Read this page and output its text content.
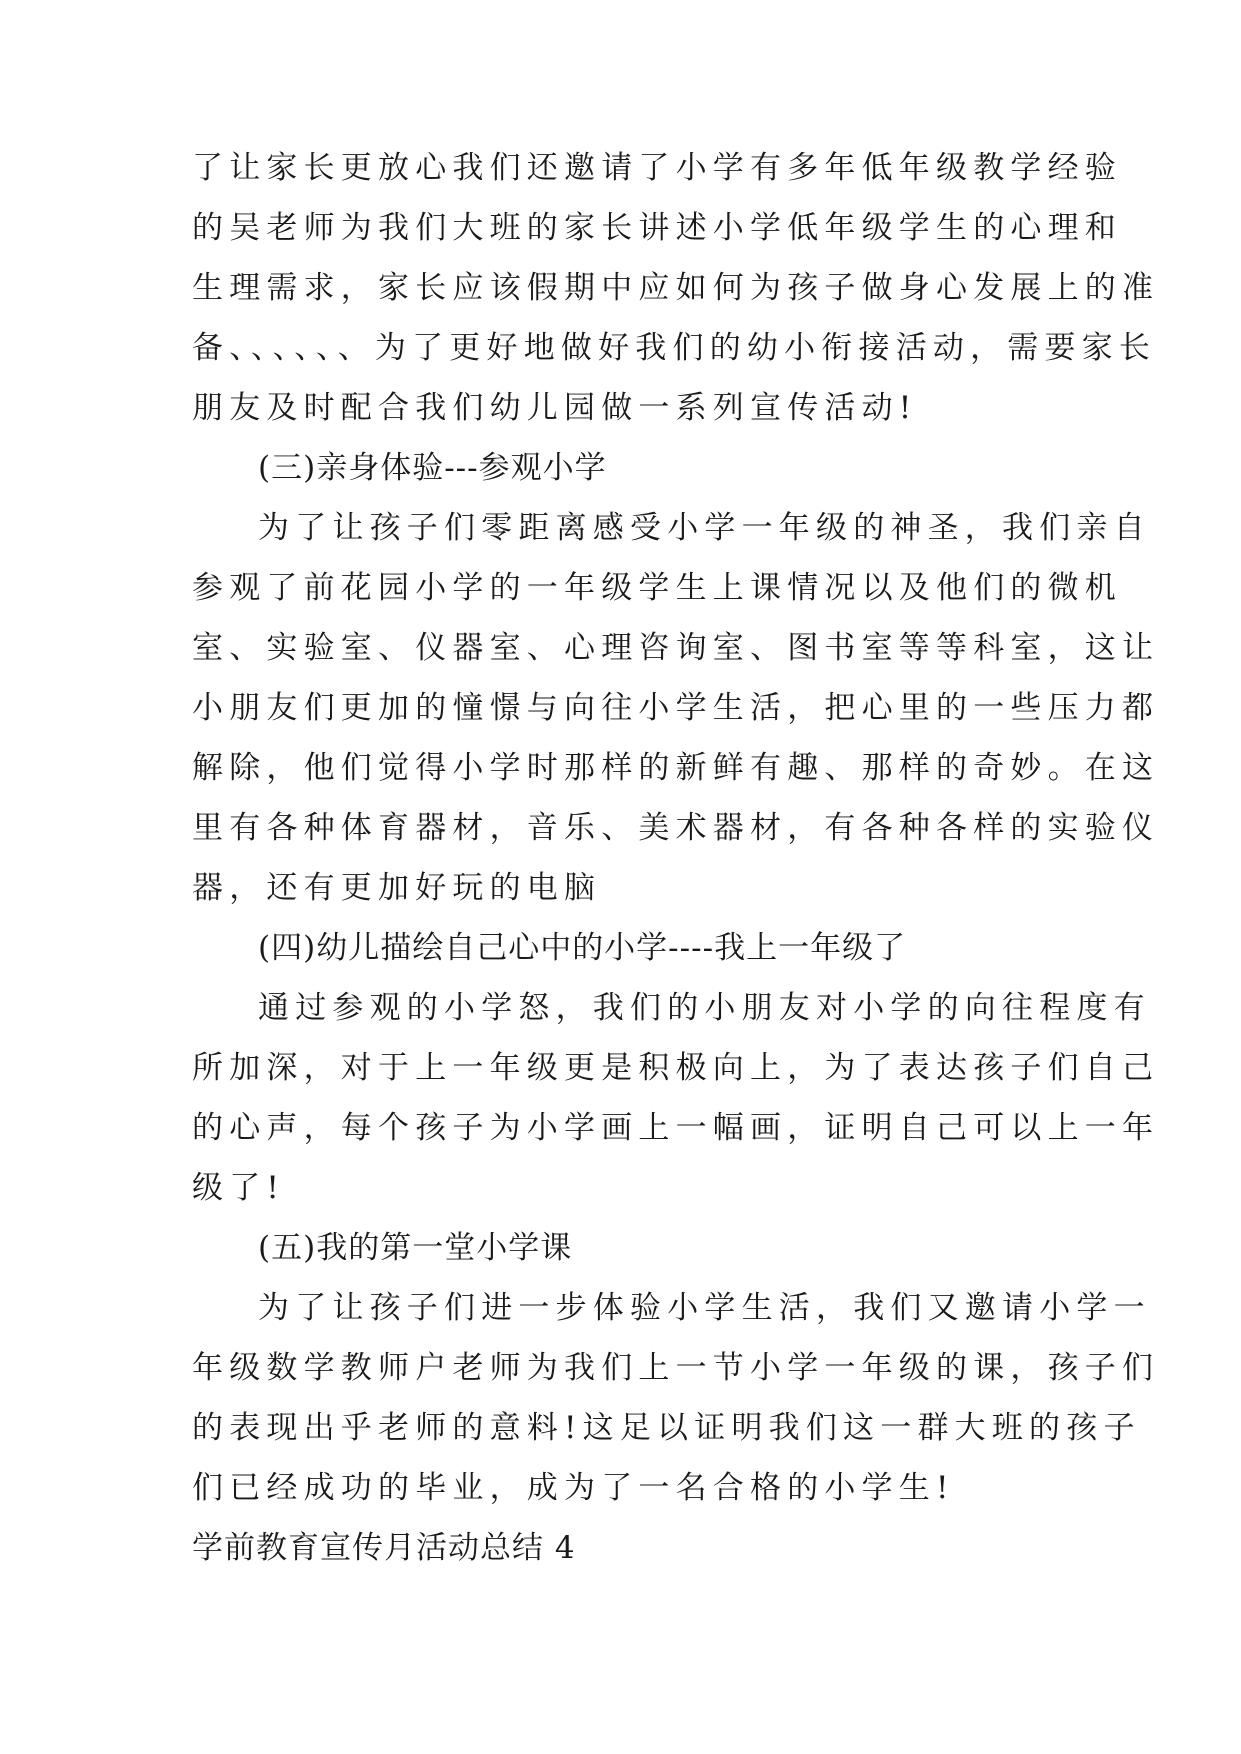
了让家长更放心我们还邀请了小学有多年低年级教学经验
的吴老师为我们大班的家长讲述小学低年级学生的心理和
生理需求，家长应该假期中应如何为孩子做身心发展上的准
备、、、、、、为了更好地做好我们的幼小衔接活动，需要家长
朋友及时配合我们幼儿园做一系列宣传活动!
(三)亲身体验---参观小学
为了让孩子们零距离感受小学一年级的神圣，我们亲自
参观了前花园小学的一年级学生上课情况以及他们的微机
室、实验室、仪器室、心理咨询室、图书室等等科室，这让
小朋友们更加的憧憬与向往小学生活，把心里的一些压力都
解除，他们觉得小学时那样的新鲜有趣、那样的奇妙。在这
里有各种体育器材，音乐、美术器材，有各种各样的实验仪
器，还有更加好玩的电脑
(四)幼儿描绘自己心中的小学----我上一年级了
通过参观的小学怒，我们的小朋友对小学的向往程度有
所加深，对于上一年级更是积极向上，为了表达孩子们自己
的心声，每个孩子为小学画上一幅画，证明自己可以上一年
级了!
(五)我的第一堂小学课
为了让孩子们进一步体验小学生活，我们又邀请小学一
年级数学教师户老师为我们上一节小学一年级的课，孩子们
的表现出乎老师的意料!这足以证明我们这一群大班的孩子
们已经成功的毕业，成为了一名合格的小学生!
学前教育宣传月活动总结 4
